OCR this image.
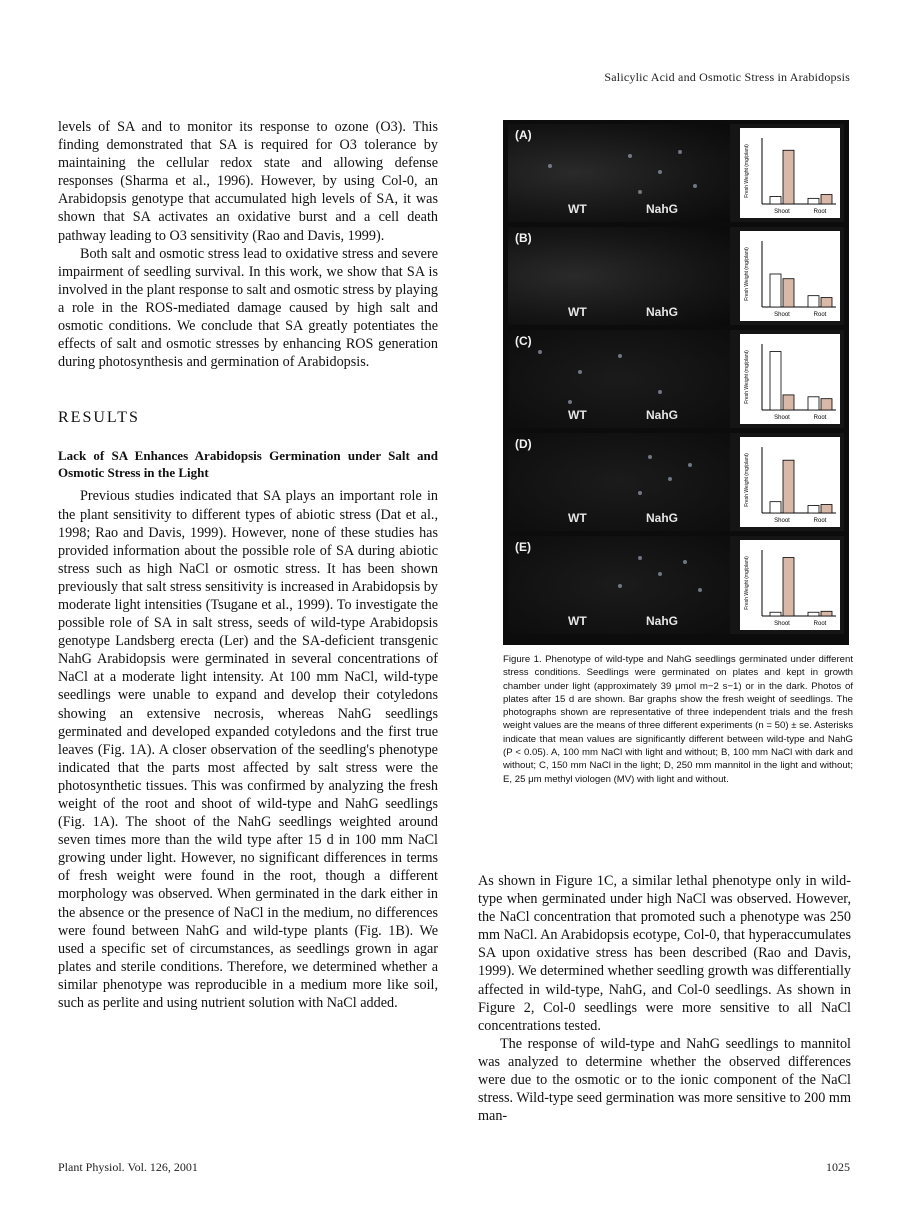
Salicylic Acid and Osmotic Stress in Arabidopsis

levels of SA and to monitor its response to ozone (O3). This finding demonstrated that SA is required for O3 tolerance by maintaining the cellular redox state and allowing defense responses (Sharma et al., 1996). However, by using Col-0, an Arabidopsis genotype that accumulated high levels of SA, it was shown that SA activates an oxidative burst and a cell death pathway leading to O3 sensitivity (Rao and Davis, 1999).

Both salt and osmotic stress lead to oxidative stress and severe impairment of seedling survival. In this work, we show that SA is involved in the plant response to salt and osmotic stress by playing a role in the ROS-mediated damage caused by high salt and osmotic conditions. We conclude that SA greatly potentiates the effects of salt and osmotic stresses by enhancing ROS generation during photosynthesis and germination of Arabidopsis.

RESULTS
Lack of SA Enhances Arabidopsis Germination under Salt and Osmotic Stress in the Light

Previous studies indicated that SA plays an important role in the plant sensitivity to different types of abiotic stress (Dat et al., 1998; Rao and Davis, 1999). However, none of these studies has provided information about the possible role of SA during abiotic stress such as high NaCl or osmotic stress. It has been shown previously that salt stress sensitivity is increased in Arabidopsis by moderate light intensities (Tsugane et al., 1999). To investigate the possible role of SA in salt stress, seeds of wild-type Arabidopsis genotype Landsberg erecta (Ler) and the SA-deficient transgenic NahG Arabidopsis were germinated in several concentrations of NaCl at a moderate light intensity. At 100 mm NaCl, wild-type seedlings were unable to expand and develop their cotyledons showing an extensive necrosis, whereas NahG seedlings germinated and developed expanded cotyledons and the first true leaves (Fig. 1A). A closer observation of the seedling's phenotype indicated that the parts most affected by salt stress were the photosynthetic tissues. This was confirmed by analyzing the fresh weight of the root and shoot of wild-type and NahG seedlings (Fig. 1A). The shoot of the NahG seedlings weighted around seven times more than the wild type after 15 d in 100 mm NaCl growing under light. However, no significant differences in terms of fresh weight were found in the root, though a different morphology was observed. When germinated in the dark either in the absence or the presence of NaCl in the medium, no differences were found between NahG and wild-type plants (Fig. 1B). We used a specific set of circumstances, as seedlings grown in agar plates and sterile conditions. Therefore, we determined whether a similar phenotype was reproducible in a medium more like soil, such as perlite and using nutrient solution with NaCl added.

(A)
WT	NahG
Fresh Weight (mg/plant)
Shoot	Root
(B)
WT	NahG
Fresh Weight (mg/plant)
Shoot	Root
(C)
WT	NahG
Fresh Weight (mg/plant)
Shoot	Root
(D)
WT	NahG
Fresh Weight (mg/plant)
Shoot	Root
(E)
WT	NahG
Fresh Weight (mg/plant)
Shoot	Root
Figure 1. Phenotype of wild-type and NahG seedlings germinated under different stress conditions. Seedlings were germinated on plates and kept in growth chamber under light (approximately 39 μmol m−2 s−1) or in the dark. Photos of plates after 15 d are shown. Bar graphs show the fresh weight of seedlings. The photographs shown are representative of three independent trials and the fresh weight values are the means of three different experiments (n = 50) ± se. Asterisks indicate that mean values are significantly different between wild-type and NahG (P < 0.05). A, 100 mm NaCl with light and without; B, 100 mm NaCl with dark and without; C, 150 mm NaCl in the light; D, 250 mm mannitol in the light and without; E, 25 μm methyl viologen (MV) with light and without.

As shown in Figure 1C, a similar lethal phenotype only in wild-type when germinated under high NaCl was observed. However, the NaCl concentration that promoted such a phenotype was 250 mm NaCl. An Arabidopsis ecotype, Col-0, that hyperaccumulates SA upon oxidative stress has been described (Rao and Davis, 1999). We determined whether seedling growth was differentially affected in wild-type, NahG, and Col-0 seedlings. As shown in Figure 2, Col-0 seedlings were more sensitive to all NaCl concentrations tested.

The response of wild-type and NahG seedlings to mannitol was analyzed to determine whether the observed differences were due to the osmotic or to the ionic component of the NaCl stress. Wild-type seed germination was more sensitive to 200 mm man-

Plant Physiol. Vol. 126, 2001	1025
